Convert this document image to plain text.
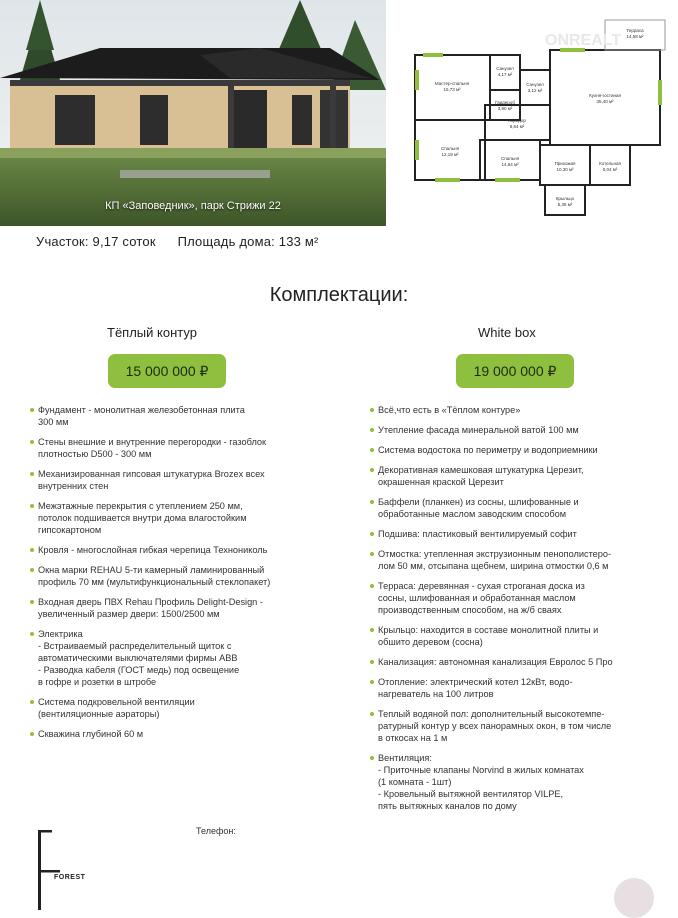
КП «Заповедник», парк Стрижи 22
ONREALT
Терраса
14,58 м²
Мастер-спальня
15,73 м²
Санузел
4,17 м²
Гардероб
3,90 м²
Санузел
3,12 м²
Кухня-гостиная
35,40 м²
Коридор
8,64 м²
Спальня
12,19 м²
Спальня
14,84 м²	Прихожая
10,30 м²
Котельная
5,04 м²
Крыльцо
5,35 м²
Участок: 9,17 соток Площадь дома: 133 м²
Комплектации:
Тёплый контур	White box
15 000 000 ₽	19 000 000 ₽
Фундамент - монолитная железобетонная плита
300 мм
Стены внешние и внутренние перегородки - газоблок
плотностью D500 - 300 мм
Механизированная гипсовая штукатурка Brozex всех
внутренних стен
Межэтажные перекрытия с утеплением 250 мм,
потолок подшивается внутри дома влагостойким
гипсокартоном
Кровля - многослойная гибкая черепица Технониколь
Окна марки REHAU 5-ти камерный ламинированный
профиль 70 мм (мультифункциональный стеклопакет)
Входная дверь ПВХ Rehau Профиль Delight-Design -
увеличенный размер двери: 1500/2500 мм
Электрика
- Встраиваемый распределительный щиток с
автоматическими выключателями фирмы ABB
- Разводка кабеля (ГОСТ медь) под освещение
в гофре и розетки в штробе
Система подкровельной вентиляции
(вентиляционные аэраторы)
Скважина глубиной 60 м
Всё,что есть в «Тёплом контуре»
Утепление фасада минеральной ватой 100 мм
Система водостока по периметру и водоприемники
Декоративная камешковая штукатурка Церезит,
окрашенная краской Церезит
Баффели (планкен) из сосны, шлифованные и
обработанные маслом заводским способом
Подшива: пластиковый вентилируемый софит
Отмостка: утепленная экструзионным пенополистеро-
лом 50 мм, отсыпана щебнем, ширина отмостки 0,6 м
Терраса: деревянная - сухая строганая доска из
сосны, шлифованная и обработанная маслом
производственным способом, на ж/б сваях
Крыльцо: находится в составе монолитной плиты и
обшито деревом (сосна)
Канализация: автономная канализация Евролос 5 Про
Отопление: электрический котел 12кВт, водо-
нагреватель на 100 литров
Теплый водяной пол: дополнительный высокотемпе-
ратурный контур у всех панорамных окон, в том числе
в откосах на 1 м
Вентиляция:
- Приточные клапаны Norvind в жилых комнатах
(1 комната - 1шт)
- Кровельный вытяжной вентилятор VILPE,
пять вытяжных каналов по дому
FOREST
Телефон:
